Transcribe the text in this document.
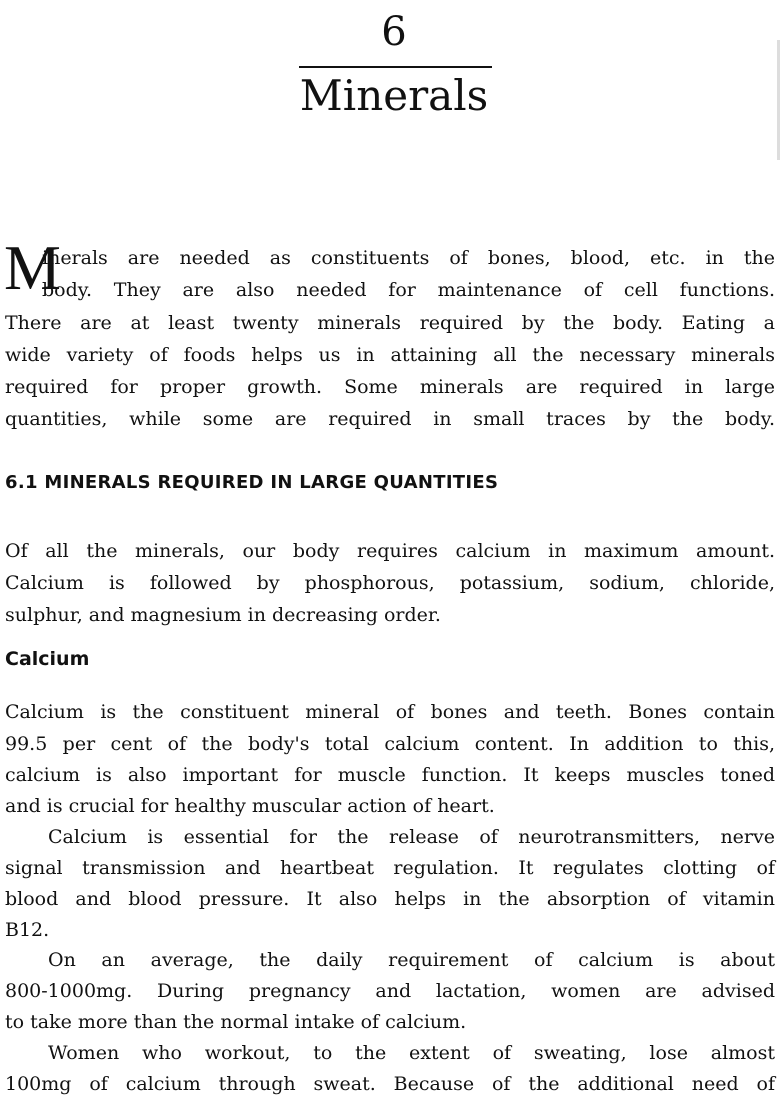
6
Minerals
M
inerals are needed as constituents of bones, blood, etc. in the
body. They are also needed for maintenance of cell functions.
There are at least twenty minerals required by the body. Eating a
wide variety of foods helps us in attaining all the necessary minerals
required for proper growth. Some minerals are required in large
quantities, while some are required in small traces by the body.
6.1 MINERALS REQUIRED IN LARGE QUANTITIES
Of all the minerals, our body requires calcium in maximum amount.
Calcium is followed by phosphorous, potassium, sodium, chloride,
sulphur, and magnesium in decreasing order.
Calcium
Calcium is the constituent mineral of bones and teeth. Bones contain
99.5 per cent of the body's total calcium content. In addition to this,
calcium is also important for muscle function. It keeps muscles toned
and is crucial for healthy muscular action of heart.
Calcium is essential for the release of neurotransmitters, nerve
signal transmission and heartbeat regulation. It regulates clotting of
blood and blood pressure. It also helps in the absorption of vitamin
B12.
On an average, the daily requirement of calcium is about
800-1000mg. During pregnancy and lactation, women are advised
to take more than the normal intake of calcium.
Women who workout, to the extent of sweating, lose almost
100mg of calcium through sweat. Because of the additional need of
